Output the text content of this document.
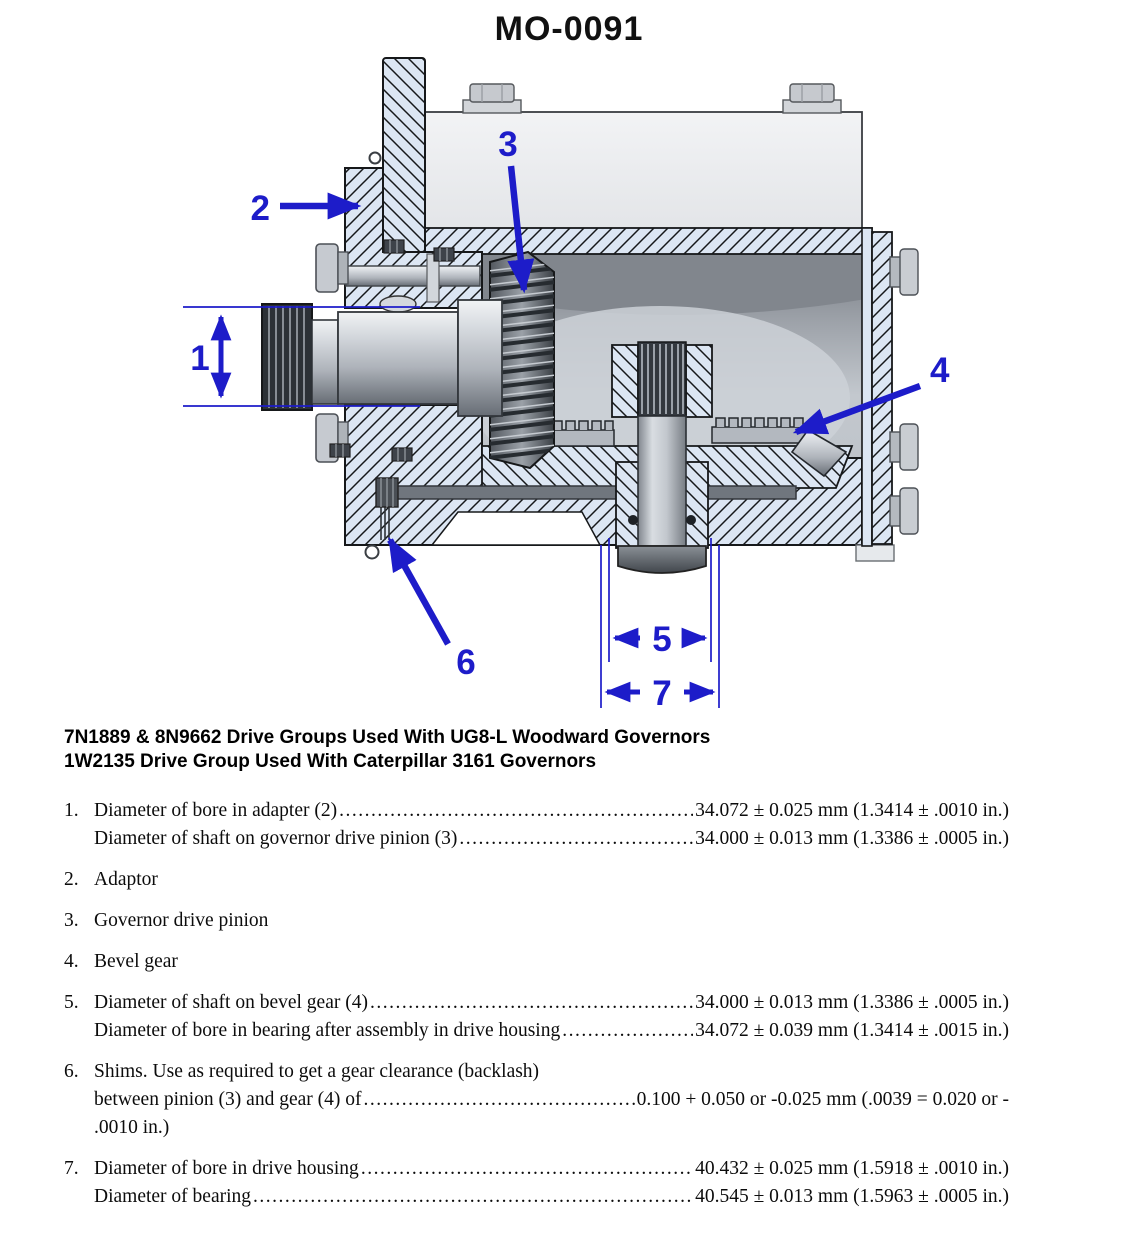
MO-0091
2
3
1	4
6
5
7
7N1889 & 8N9662 Drive Groups Used With UG8-L Woodward Governors
1W2135 Drive Group Used With Caterpillar 3161 Governors
1. Diameter of bore in adapter (2) .....	34.072 ± 0.025 mm (1.3414 ± .0010 in.)
Diameter of shaft on governor drive pinion (3) .....	34.000 ± 0.013 mm (1.3386 ± .0005 in.)
2. Adaptor
3. Governor drive pinion
4. Bevel gear
5. Diameter of shaft on bevel gear (4) .....	34.000 ± 0.013 mm (1.3386 ± .0005 in.)
Diameter of bore in bearing after assembly in drive housing .....	34.072 ± 0.039 mm (1.3414 ± .0015 in.)
6. Shims. Use as required to get a gear clearance (backlash)
between pinion (3) and gear (4) of .....	0.100 + 0.050 or -0.025 mm (.0039 = 0.020 or -
.0010 in.)
7. Diameter of bore in drive housing .....	40.432 ± 0.025 mm (1.5918 ± .0010 in.)
Diameter of bearing .....	40.545 ± 0.013 mm (1.5963 ± .0005 in.)
